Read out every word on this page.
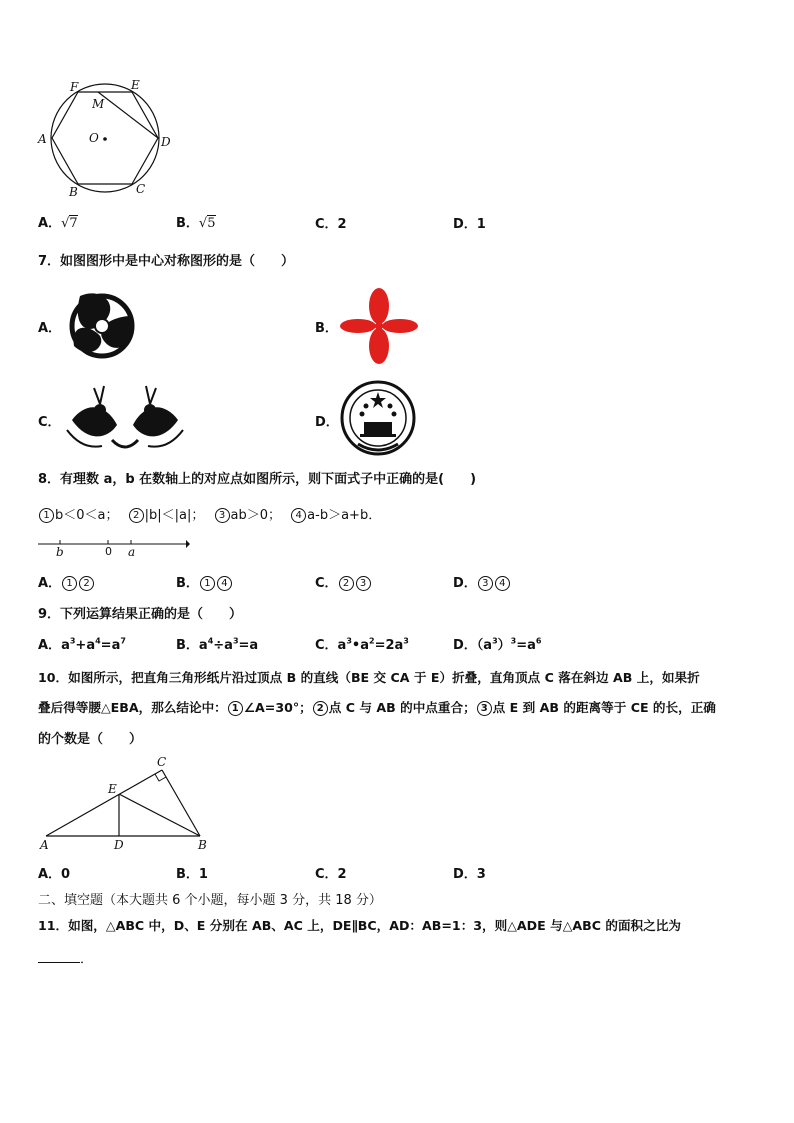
F	E
M
A	O	D
B	C
A．√7	B．√5	C．2	D．1
7．如图图形中是中心对称图形的是（　　）
A．	B．
C．	D．
8．有理数 a，b 在数轴上的对应点如图所示，则下面式子中正确的是(　　)
1 b＜0＜a； 2 |b|＜|a|； 3 ab＞0； 4 a-b＞a+b．
b	0 a
A． 1 2	B． 1 4	C． 2 3	D． 3 4
9．下列运算结果正确的是（　　）
A．$a^3+a^4=a^7$	B．$a^4\div a^3=a$	C．$a^3•a^2=2a^3$	D．$(a^3)^3=a^6$
10．如图所示，把直角三角形纸片沿过顶点 B 的直线（BE 交 CA 于 E）折叠，直角顶点 C 落在斜边 AB 上，如果折
叠后得等腰△EBA，那么结论中： 1 ∠A=30°； 2 点 C 与 AB 的中点重合； 3 点 E 到 AB 的距离等于 CE 的长，正确
的个数是（　　）
A	B
C
D
E
A．0	B．1	C．2	D．3
二、填空题（本大题共 6 个小题，每小题 3 分，共 18 分）
11．如图，△ABC 中，D、E 分别在 AB、AC 上，DE∥BC，AD：AB=1：3，则△ADE 与△ABC 的面积之比为
．
